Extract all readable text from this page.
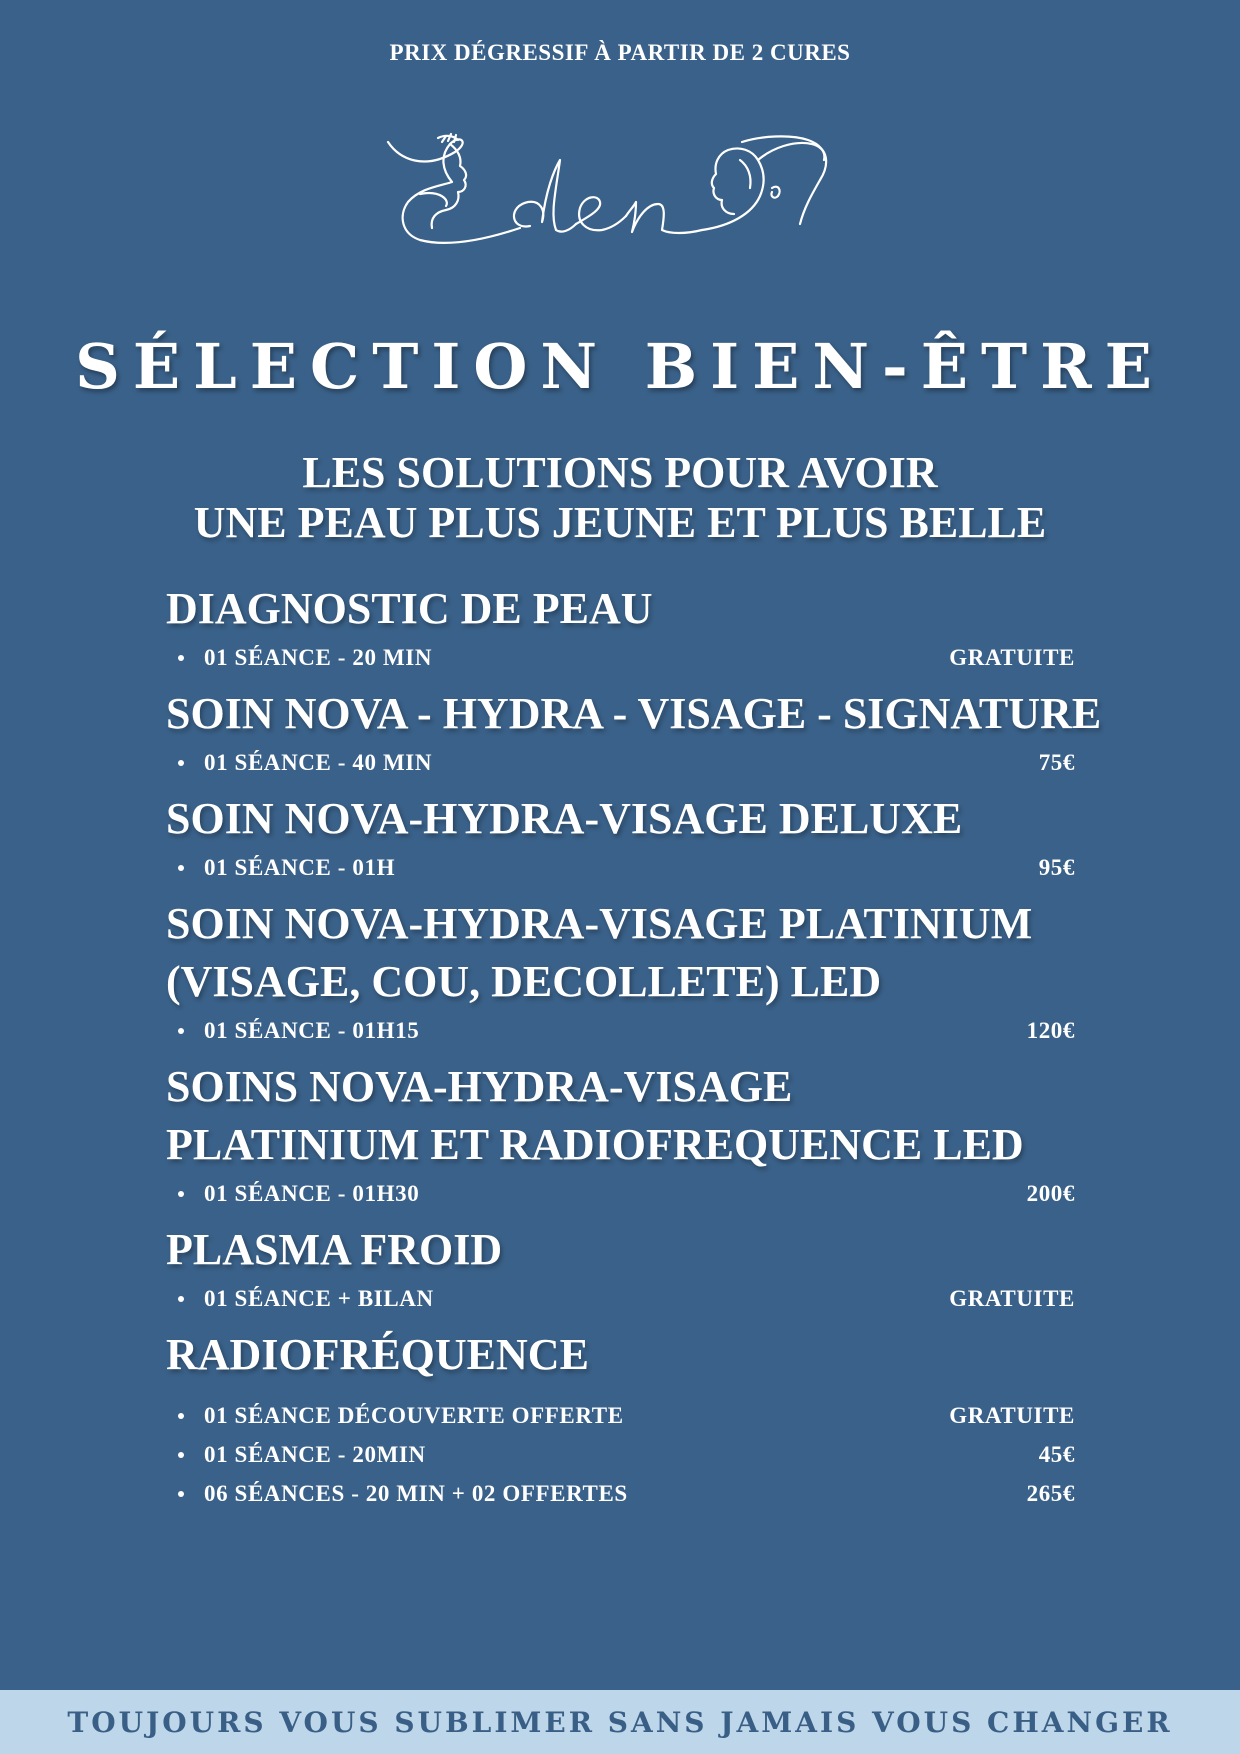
PRIX DÉGRESSIF À PARTIR DE 2 CURES
SÉLECTION BIEN-ÊTRE
LES SOLUTIONS POUR AVOIR
UNE PEAU PLUS JEUNE ET PLUS BELLE
DIAGNOSTIC DE PEAU
01 SÉANCE - 20 MIN	GRATUITE
SOIN NOVA - HYDRA - VISAGE - SIGNATURE
01 SÉANCE - 40 MIN	75€
SOIN NOVA-HYDRA-VISAGE DELUXE
01 SÉANCE - 01H	95€
SOIN NOVA-HYDRA-VISAGE PLATINIUM
(VISAGE, COU, DECOLLETE) LED
01 SÉANCE - 01H15	120€
SOINS NOVA-HYDRA-VISAGE
PLATINIUM ET RADIOFREQUENCE LED
01 SÉANCE - 01H30	200€
PLASMA FROID
01 SÉANCE + BILAN	GRATUITE
RADIOFRÉQUENCE
01 SÉANCE DÉCOUVERTE OFFERTE	GRATUITE
01 SÉANCE - 20MIN	45€
06 SÉANCES - 20 MIN + 02 OFFERTES	265€
TOUJOURS VOUS SUBLIMER SANS JAMAIS VOUS CHANGER
